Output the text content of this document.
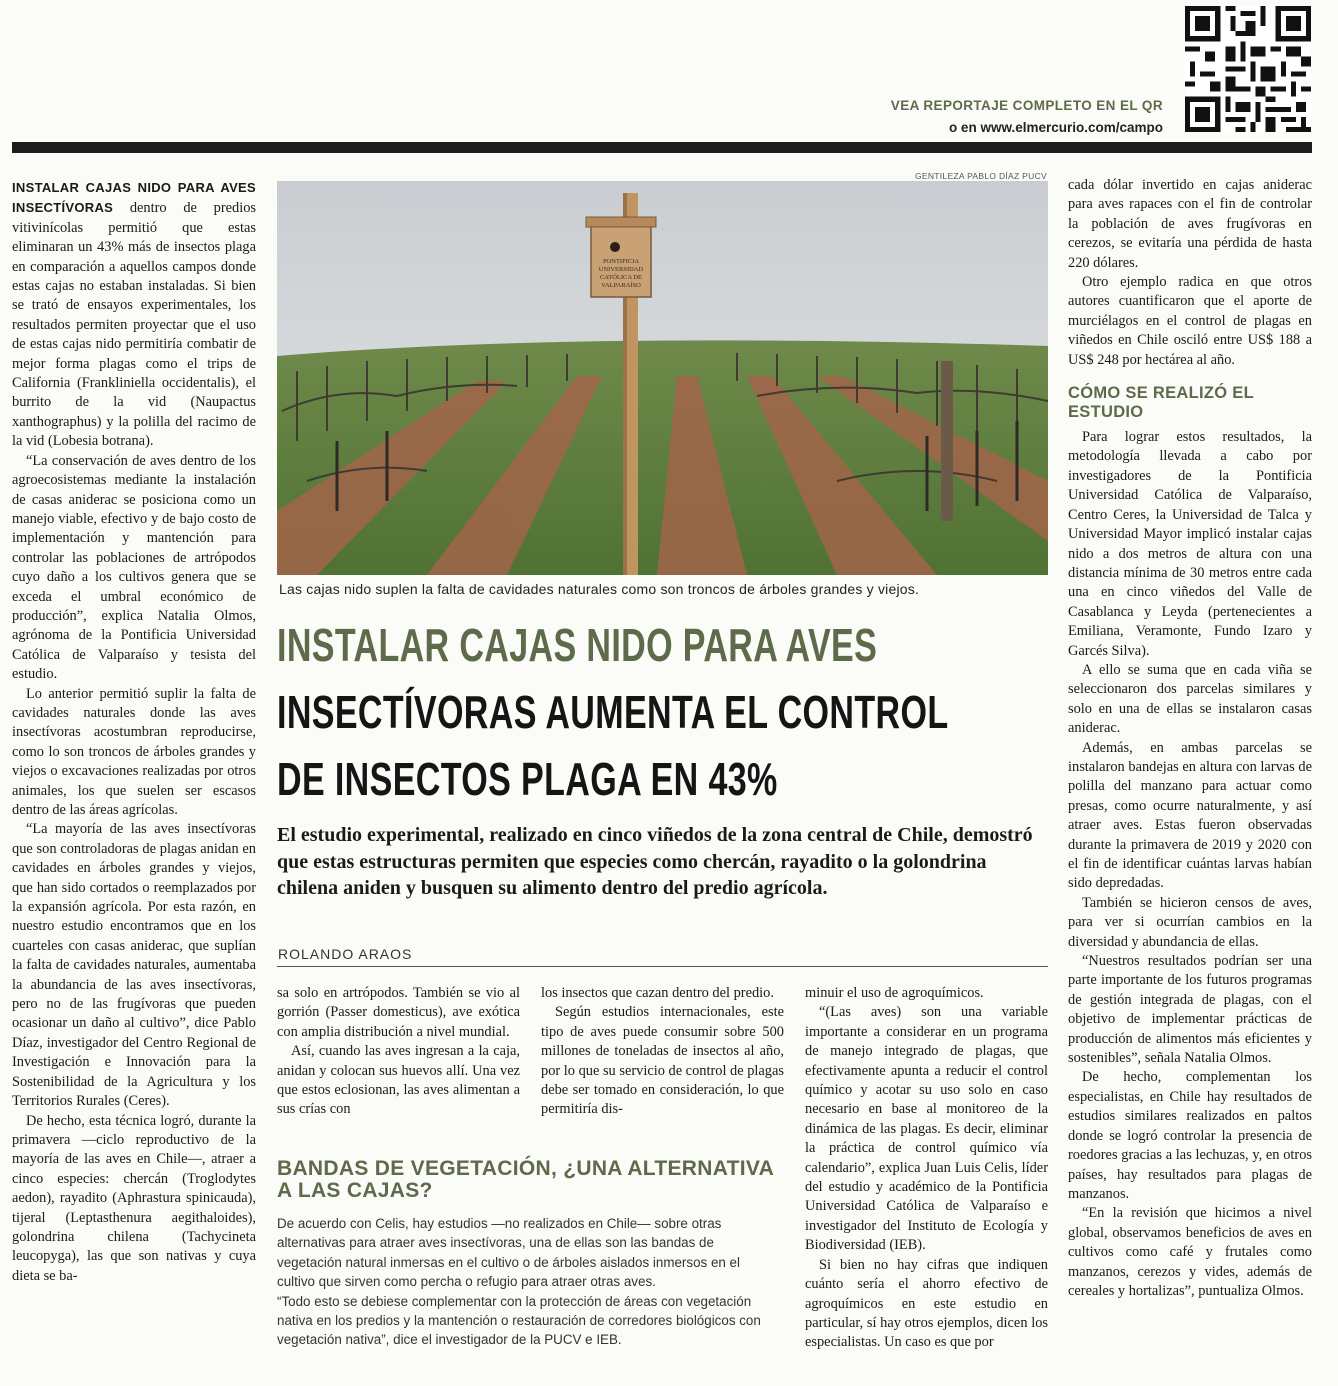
VEA REPORTAJE COMPLETO EN EL QR
o en www.elmercurio.com/campo

INSTALAR CAJAS NIDO PARA AVES INSECTÍVORAS dentro de predios vitivinícolas permitió que estas eliminaran un 43% más de insectos plaga en comparación a aquellos campos donde estas cajas no estaban instaladas. Si bien se trató de ensayos experimentales, los resultados permiten proyectar que el uso de estas cajas nido permitiría combatir de mejor forma plagas como el trips de California (Frankliniella occidentalis), el burrito de la vid (Naupactus xanthographus) y la polilla del racimo de la vid (Lobesia botrana).

“La conservación de aves dentro de los agroecosistemas mediante la instalación de casas aniderас se posiciona como un manejo viable, efectivo y de bajo costo de implementación y mantención para controlar las poblaciones de artrópodos cuyo daño a los cultivos genera que se exceda el umbral económico de producción”, explica Natalia Olmos, agrónoma de la Pontificia Universidad Católica de Valparaíso y tesista del estudio.

Lo anterior permitió suplir la falta de cavidades naturales donde las aves insectívoras acostumbran reproducirse, como lo son troncos de árboles grandes y viejos o excavaciones realizadas por otros animales, los que suelen ser escasos dentro de las áreas agrícolas.

“La mayoría de las aves insectívoras que son controladoras de plagas anidan en cavidades en árboles grandes y viejos, que han sido cortados o reemplazados por la expansión agrícola. Por esta razón, en nuestro estudio encontramos que en los cuarteles con casas aniderас, que suplían la falta de cavidades naturales, aumentaba la abundancia de las aves insectívoras, pero no de las frugívoras que pueden ocasionar un daño al cultivo”, dice Pablo Díaz, investigador del Centro Regional de Investigación e Innovación para la Sostenibilidad de la Agricultura y los Territorios Rurales (Ceres).

De hecho, esta técnica logró, durante la primavera —ciclo reproductivo de la mayoría de las aves en Chile—, atraer a cinco especies: chercán (Troglodytes aedon), rayadito (Aphrastura spinicauda), tijeral (Leptasthenura aegithaloides), golondrina chilena (Tachycineta leucopyga), las que son nativas y cuya dieta se ba-

GENTILEZA PABLO DÍAZ PUCV
PONTIFICIA
UNIVERSIDAD
CATÓLICA DE
VALPARAÍSO
Las cajas nido suplen la falta de cavidades naturales como son troncos de árboles grandes y viejos.
INSTALAR CAJAS NIDO PARA AVES
INSECTÍVORAS AUMENTA EL CONTROL
DE INSECTOS PLAGA EN 43%
El estudio experimental, realizado en cinco viñedos de la zona central de Chile, demostró que estas estructuras permiten que especies como chercán, rayadito o la golondrina chilena aniden y busquen su alimento dentro del predio agrícola.
ROLANDO ARAOS

sa solo en artrópodos. También se vio al gorrión (Passer domesticus), ave exótica con amplia distribución a nivel mundial.

Así, cuando las aves ingresan a la caja, anidan y colocan sus huevos allí. Una vez que estos eclosionan, las aves alimentan a sus crías con

los insectos que cazan dentro del predio.

Según estudios internacionales, este tipo de aves puede consumir sobre 500 millones de toneladas de insectos al año, por lo que su servicio de control de plagas debe ser tomado en consideración, lo que permitiría dis-

minuir el uso de agroquímicos.

“(Las aves) son una variable importante a considerar en un programa de manejo integrado de plagas, que efectivamente apunta a reducir el control químico y acotar su uso solo en caso necesario en base al monitoreo de la dinámica de las plagas. Es decir, eliminar la práctica de control químico vía calendario”, explica Juan Luis Celis, líder del estudio y académico de la Pontificia Universidad Católica de Valparaíso e investigador del Instituto de Ecología y Biodiversidad (IEB).

Si bien no hay cifras que indiquen cuánto sería el ahorro efectivo de agroquímicos en este estudio en particular, sí hay otros ejemplos, dicen los especialistas. Un caso es que por

BANDAS DE VEGETACIÓN, ¿UNA ALTERNATIVA A LAS CAJAS?

De acuerdo con Celis, hay estudios —no realizados en Chile— sobre otras alternativas para atraer aves insectívoras, una de ellas son las bandas de vegetación natural inmersas en el cultivo o de árboles aislados inmersos en el cultivo que sirven como percha o refugio para atraer otras aves.

“Todo esto se debiese complementar con la protección de áreas con vegetación nativa en los predios y la mantención o restauración de corredores biológicos con vegetación nativa”, dice el investigador de la PUCV e IEB.

cada dólar invertido en cajas aniderас para aves rapaces con el fin de controlar la población de aves frugívoras en cerezos, se evitaría una pérdida de hasta 220 dólares.

Otro ejemplo radica en que otros autores cuantificaron que el aporte de murciélagos en el control de plagas en viñedos en Chile osciló entre US$ 188 a US$ 248 por hectárea al año.

CÓMO SE REALIZÓ EL ESTUDIO

Para lograr estos resultados, la metodología llevada a cabo por investigadores de la Pontificia Universidad Católica de Valparaíso, Centro Ceres, la Universidad de Talca y Universidad Mayor implicó instalar cajas nido a dos metros de altura con una distancia mínima de 30 metros entre cada una en cinco viñedos del Valle de Casablanca y Leyda (pertenecientes a Emiliana, Veramonte, Fundo Izaro y Garcés Silva).

A ello se suma que en cada viña se seleccionaron dos parcelas similares y solo en una de ellas se instalaron casas aniderас.

Además, en ambas parcelas se instalaron bandejas en altura con larvas de polilla del manzano para actuar como presas, como ocurre naturalmente, y así atraer aves. Estas fueron observadas durante la primavera de 2019 y 2020 con el fin de identificar cuántas larvas habían sido depredadas.

También se hicieron censos de aves, para ver si ocurrían cambios en la diversidad y abundancia de ellas.

“Nuestros resultados podrían ser una parte importante de los futuros programas de gestión integrada de plagas, con el objetivo de implementar prácticas de producción de alimentos más eficientes y sostenibles”, señala Natalia Olmos.

De hecho, complementan los especialistas, en Chile hay resultados de estudios similares realizados en paltos donde se logró controlar la presencia de roedores gracias a las lechuzas, y, en otros países, hay resultados para plagas de manzanos.

“En la revisión que hicimos a nivel global, observamos beneficios de aves en cultivos como café y frutales como manzanos, cerezos y vides, además de cereales y hortalizas”, puntualiza Olmos.
